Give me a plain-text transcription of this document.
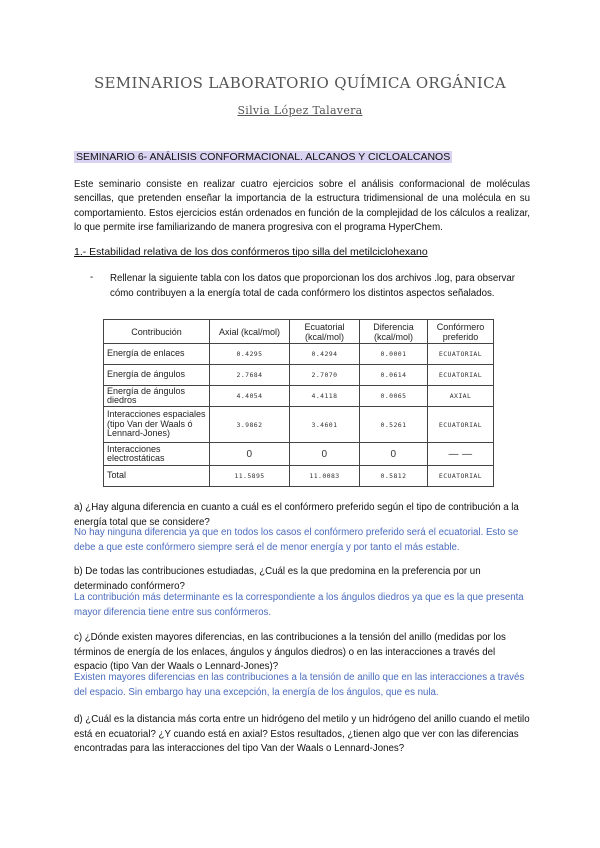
SEMINARIOS LABORATORIO QUÍMICA ORGÁNICA
Silvia López Talavera
SEMINARIO 6- ANÁLISIS CONFORMACIONAL. ALCANOS Y CICLOALCANOS
Este seminario consiste en realizar cuatro ejercicios sobre el análisis conformacional de moléculas sencillas, que pretenden enseñar la importancia de la estructura tridimensional de una molécula en su comportamiento. Estos ejercicios están ordenados en función de la complejidad de los cálculos a realizar, lo que permite irse familiarizando de manera progresiva con el programa HyperChem.
1.- Estabilidad relativa de los dos confórmeros tipo silla del metilciclohexano
- Rellenar la siguiente tabla con los datos que proporcionan los dos archivos .log, para observar cómo contribuyen a la energía total de cada confórmero los distintos aspectos señalados.
Contribución	Axial (kcal/mol)	Ecuatorial (kcal/mol)	Diferencia (kcal/mol)	Confórmero preferido
Energía de enlaces	0.4295	0.4294	0.0001	ECUATORIAL
Energía de ángulos	2.7684	2.7070	0.0614	ECUATORIAL
Energía de ángulos diedros	4.4054	4.4118	0.0065	AXIAL
Interacciones espaciales (tipo Van der Waals ó Lennard-Jones)	3.9862	3.4601	0.5261	ECUATORIAL
Interacciones electrostáticas	0	0	0	— —
Total	11.5895	11.0083	0.5812	ECUATORIAL
a) ¿Hay alguna diferencia en cuanto a cuál es el confórmero preferido según el tipo de contribución a la energía total que se considere?
No hay ninguna diferencia ya que en todos los casos el confórmero preferido será el ecuatorial. Esto se debe a que este confórmero siempre será el de menor energía y por tanto el más estable.
b) De todas las contribuciones estudiadas, ¿Cuál es la que predomina en la preferencia por un determinado confórmero?
La contribución más determinante es la correspondiente a los ángulos diedros ya que es la que presenta mayor diferencia tiene entre sus confórmeros.
c) ¿Dónde existen mayores diferencias, en las contribuciones a la tensión del anillo (medidas por los términos de energía de los enlaces, ángulos y ángulos diedros) o en las interacciones a través del espacio (tipo Van der Waals o Lennard-Jones)?
Existen mayores diferencias en las contribuciones a la tensión de anillo que en las interacciones a través del espacio. Sin embargo hay una excepción, la energía de los ángulos, que es nula.
d) ¿Cuál es la distancia más corta entre un hidrógeno del metilo y un hidrógeno del anillo cuando el metilo está en ecuatorial? ¿Y cuando está en axial? Estos resultados, ¿tienen algo que ver con las diferencias encontradas para las interacciones del tipo Van der Waals o Lennard-Jones?
